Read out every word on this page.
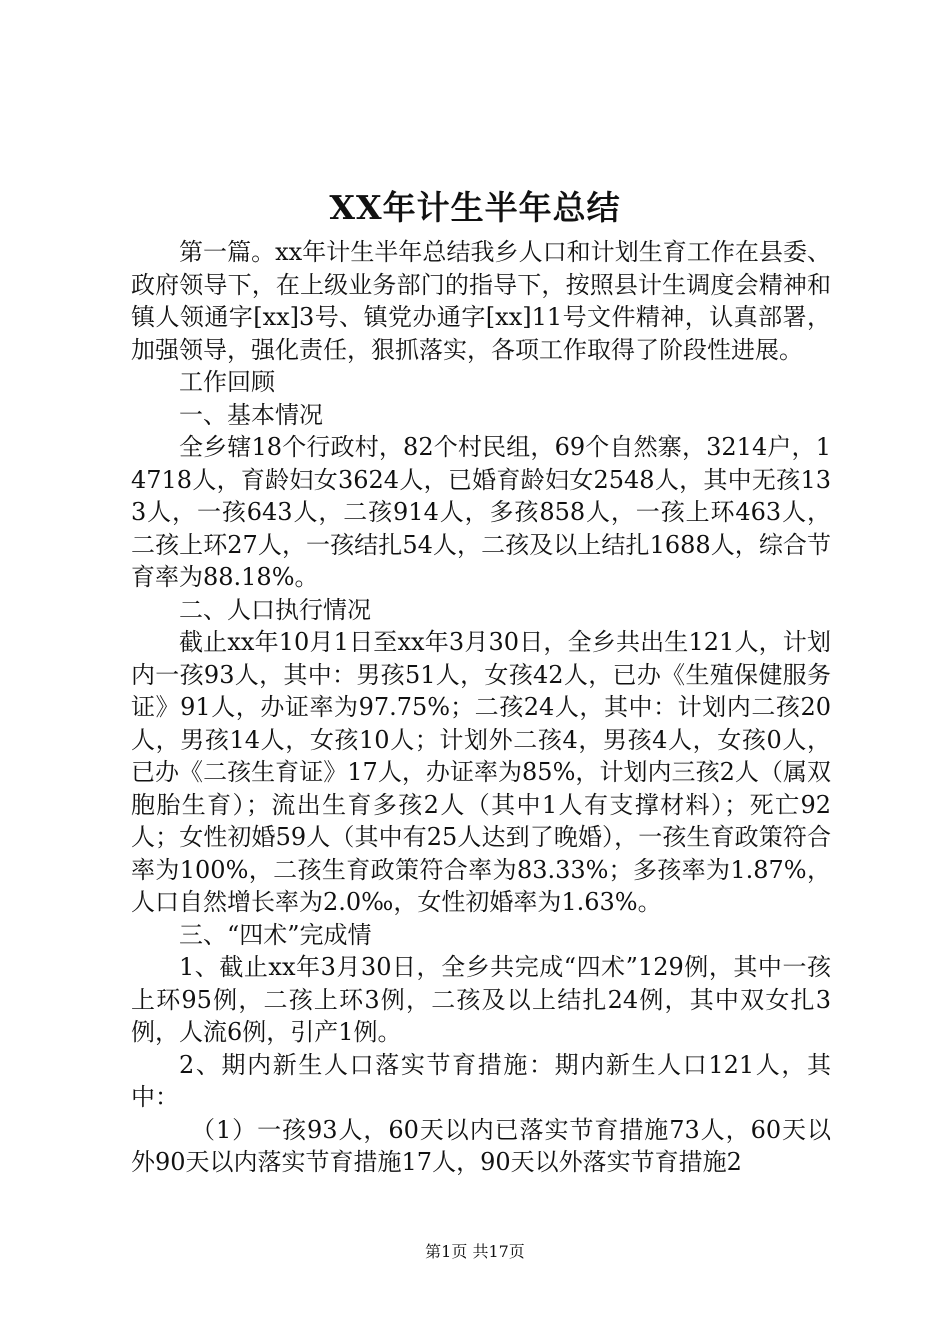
XX年计生半年总结

第一篇。xx年计生半年总结我乡人口和计划生育工作在县委、政府领导下，在上级业务部门的指导下，按照县计生调度会精神和镇人领通字[xx]3号、镇党办通字[xx]11号文件精神，认真部署，加强领导，强化责任，狠抓落实，各项工作取得了阶段性进展。

工作回顾

一、基本情况

全乡辖18个行政村，82个村民组，69个自然寨，3214户，14718人，育龄妇女3624人，已婚育龄妇女2548人，其中无孩133人，一孩643人，二孩914人，多孩858人，一孩上环463人，二孩上环27人，一孩结扎54人，二孩及以上结扎1688人，综合节育率为88.18%。

二、人口执行情况

截止xx年10月1日至xx年3月30日，全乡共出生121人，计划内一孩93人，其中：男孩51人，女孩42人，已办《生殖保健服务证》91人，办证率为97.75%；二孩24人，其中：计划内二孩20人，男孩14人，女孩10人；计划外二孩4，男孩4人，女孩0人，已办《二孩生育证》17人，办证率为85%，计划内三孩2人（属双胞胎生育）；流出生育多孩2人（其中1人有支撑材料）；死亡92人；女性初婚59人（其中有25人达到了晚婚），一孩生育政策符合率为100%，二孩生育政策符合率为83.33%；多孩率为1.87%，人口自然增长率为2.0‰，女性初婚率为1.63%。

三、“四术”完成情

1、截止xx年3月30日，全乡共完成“四术”129例，其中一孩上环95例，二孩上环3例，二孩及以上结扎24例，其中双女扎3例，人流6例，引产1例。

2、期内新生人口落实节育措施：期内新生人口121人，其中：

（1）一孩93人，60天以内已落实节育措施73人，60天以外90天以内落实节育措施17人，90天以外落实节育措施2

第1页 共17页
